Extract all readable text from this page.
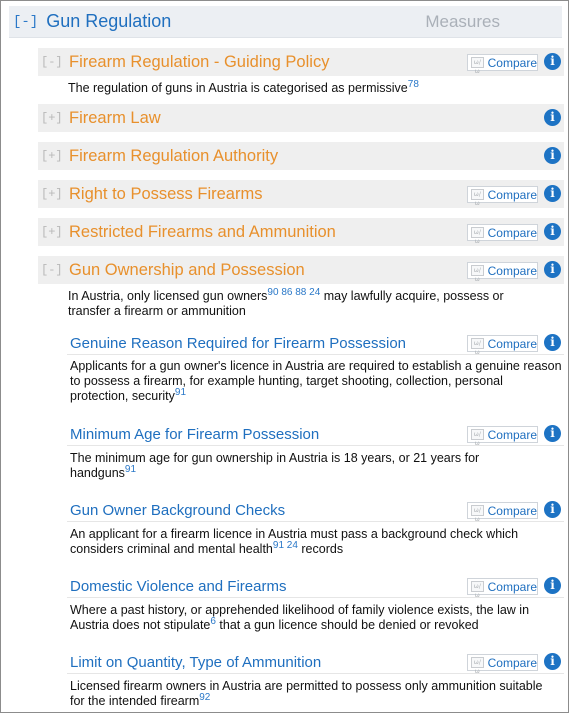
[-] Gun Regulation	Measures
[-] Firearm Regulation - Guiding Policy	ω/ω
Compare	i
The regulation of guns in Austria is categorised as permissive$^{78}$
[+] Firearm Law	i
[+] Firearm Regulation Authority	i
[+] Right to Possess Firearms	ω/ω
Compare	i
[+] Restricted Firearms and Ammunition	ω/ω
Compare	i
[-] Gun Ownership and Possession	ω/ω
Compare	i
In Austria, only licensed gun owners$^{90 86 88 24}$ may lawfully acquire, possess or transfer a firearm or ammunition
Genuine Reason Required for Firearm Possession	ω/ω
Compare	i
Applicants for a gun owner's licence in Austria are required to establish a genuine reason to possess a firearm, for example hunting, target shooting, collection, personal protection, security$^{91}$
Minimum Age for Firearm Possession	ω/ω
Compare	i
The minimum age for gun ownership in Austria is 18 years, or 21 years for handguns$^{91}$
Gun Owner Background Checks	ω/ω
Compare	i
An applicant for a firearm licence in Austria must pass a background check which considers criminal and mental health$^{91 24}$ records
Domestic Violence and Firearms	ω/ω
Compare	i
Where a past history, or apprehended likelihood of family violence exists, the law in Austria does not stipulate$^6$ that a gun licence should be denied or revoked
Limit on Quantity, Type of Ammunition	ω/ω
Compare	i
Licensed firearm owners in Austria are permitted to possess only ammunition suitable for the intended firearm$^{92}$
